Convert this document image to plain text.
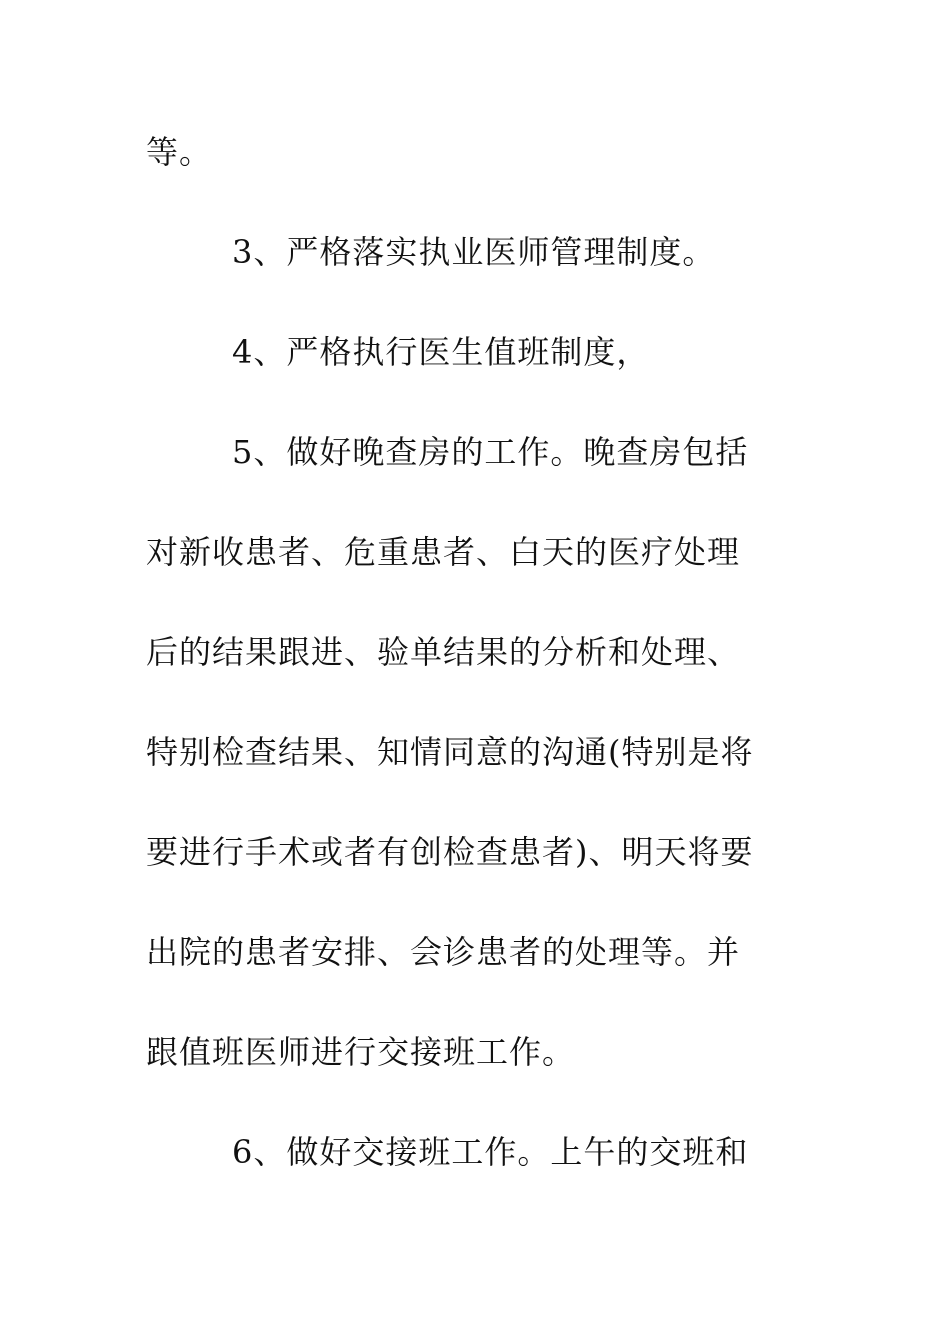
等。
3、严格落实执业医师管理制度。
4、严格执行医生值班制度，
5、做好晚查房的工作。晚查房包括
对新收患者、危重患者、白天的医疗处理
后的结果跟进、验单结果的分析和处理、
特别检查结果、知情同意的沟通(特别是将
要进行手术或者有创检查患者)、明天将要
出院的患者安排、会诊患者的处理等。并
跟值班医师进行交接班工作。
6、做好交接班工作。上午的交班和
